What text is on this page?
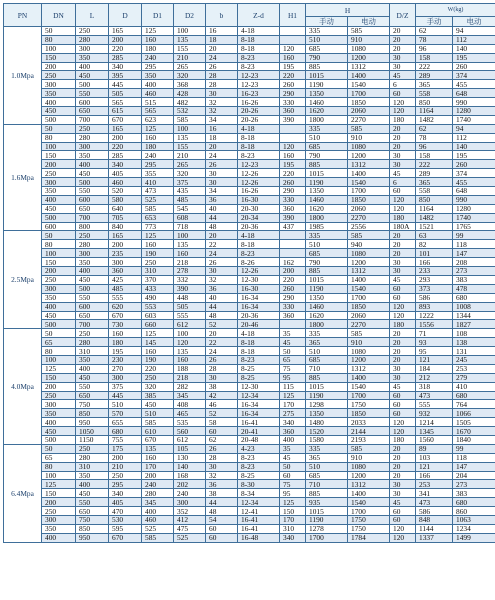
PN	DN	L	D	D1	D2	b	Z-d	H1	H		D/Z	W(kg)	
									手动	电动		手动	电动
1.0Mpa	50	250	165	125	100	16	4-18		335	585	20	62	94
	80	280	200	160	135	18	8-18		510	910	20	78	112
	100	300	220	180	155	20	8-18	120	685	1080	20	96	140
	150	350	285	240	210	24	8-23	160	790	1200	30	158	195
	200	400	340	295	265	26	8-23	195	885	1312	30	222	260
	250	450	395	350	320	28	12-23	220	1015	1400	45	289	374
	300	500	445	400	368	28	12-23	260	1190	1540	6	365	455
	350	550	505	460	428	30	16-23	290	1350	1700	60	558	648
	400	600	565	515	482	32	16-26	330	1460	1850	120	850	990
	450	650	615	565	532	32	20-26	360	1620	2060	120	1164	1280
	500	700	670	623	585	34	20-26	390	1800	2270	180	1482	1740
1.6Mpa	50	250	165	125	100	16	4-18		335	585	20	62	94
	80	280	200	160	135	18	8-18		510	910	20	78	112
	100	300	220	180	155	20	8-18	120	685	1080	20	96	140
	150	350	285	240	210	24	8-23	160	790	1200	30	158	195
	200	400	340	295	265	26	12-23	195	885	1312	30	222	260
	250	450	405	355	320	30	12-26	220	1015	1400	45	289	374
	300	500	460	410	375	30	12-26	260	1190	1540	6	365	455
	350	550	520	473	435	34	16-26	290	1350	1700	60	558	648
	400	600	580	525	485	36	16-30	330	1460	1850	120	850	990
	450	650	640	585	545	40	20-30	360	1620	2060	120	1164	1280
	500	700	705	653	608	44	20-34	390	1800	2270	180	1482	1740
	600	800	840	773	718	48	20-36	437	1985	2556	180A	1521	1765
2.5Mpa	50	250	165	125	100	20	4-18		335	585	20	63	99
	80	280	200	160	135	22	8-18		510	940	20	82	118
	100	300	235	190	160	24	8-23		685	1080	20	101	147
	150	350	300	250	218	26	8-26	162	790	1200	30	166	208
	200	400	360	310	278	30	12-26	200	885	1312	30	233	273
	250	450	425	370	332	32	12-30	220	1015	1400	45	293	383
	300	500	485	433	390	36	16-30	260	1190	1540	60	373	478
	350	550	555	490	448	40	16-34	290	1350	1700	60	586	680
	400	600	620	553	505	44	16-34	330	1460	1850	120	893	1008
	450	650	670	603	555	48	20-36	360	1620	2060	120	1222	1344
	500	700	730	660	612	52	20-46		1800	2270	180	1556	1827
4.0Mpa	50	250	160	125	100	20	4-18	35	335	585	20	71	108
	65	280	180	145	120	22	8-18	45	365	910	20	93	138
	80	310	195	160	135	24	8-18	50	510	1080	20	95	131
	100	350	230	190	160	26	8-23	65	685	1200	20	121	245
	125	400	270	220	188	28	8-25	75	710	1312	30	184	253
	150	450	300	250	218	30	8-25	95	885	1400	30	212	279
	200	550	375	320	282	38	12-30	115	1015	1540	45	318	410
	250	650	445	385	345	42	12-34	125	1190	1700	60	473	680
	300	750	510	450	408	46	16-34	170	1298	1750	60	555	764
	350	850	570	510	465	52	16-34	275	1350	1850	60	932	1066
	400	950	655	585	535	58	16-41	340	1480	2033	120	1214	1505
	450	1050	680	610	560	60	20-41	360	1520	2144	120	1345	1670
	500	1150	755	670	612	62	20-48	400	1580	2193	180	1560	1840
6.4Mpa	50	250	175	135	105	26	4-23	35	335	585	20	89	99
	65	280	200	160	130	28	8-23	45	365	910	20	103	118
	80	310	210	170	140	30	8-23	50	510	1080	20	121	147
	100	350	250	200	168	32	8-25	60	685	1200	20	166	204
	125	400	295	240	202	36	8-30	75	710	1312	30	253	273
	150	450	340	280	240	38	8-34	95	885	1400	30	341	383
	200	550	405	345	300	44	12-34	125	935	1540	45	473	680
	250	650	470	400	352	48	12-41	150	1015	1700	60	586	860
	300	750	530	460	412	54	16-41	170	1190	1750	60	848	1063
	350	850	595	525	475	60	16-41	310	1278	1750	120	1144	1234
	400	950	670	585	525	60	16-48	340	1700	1784	120	1337	1499
